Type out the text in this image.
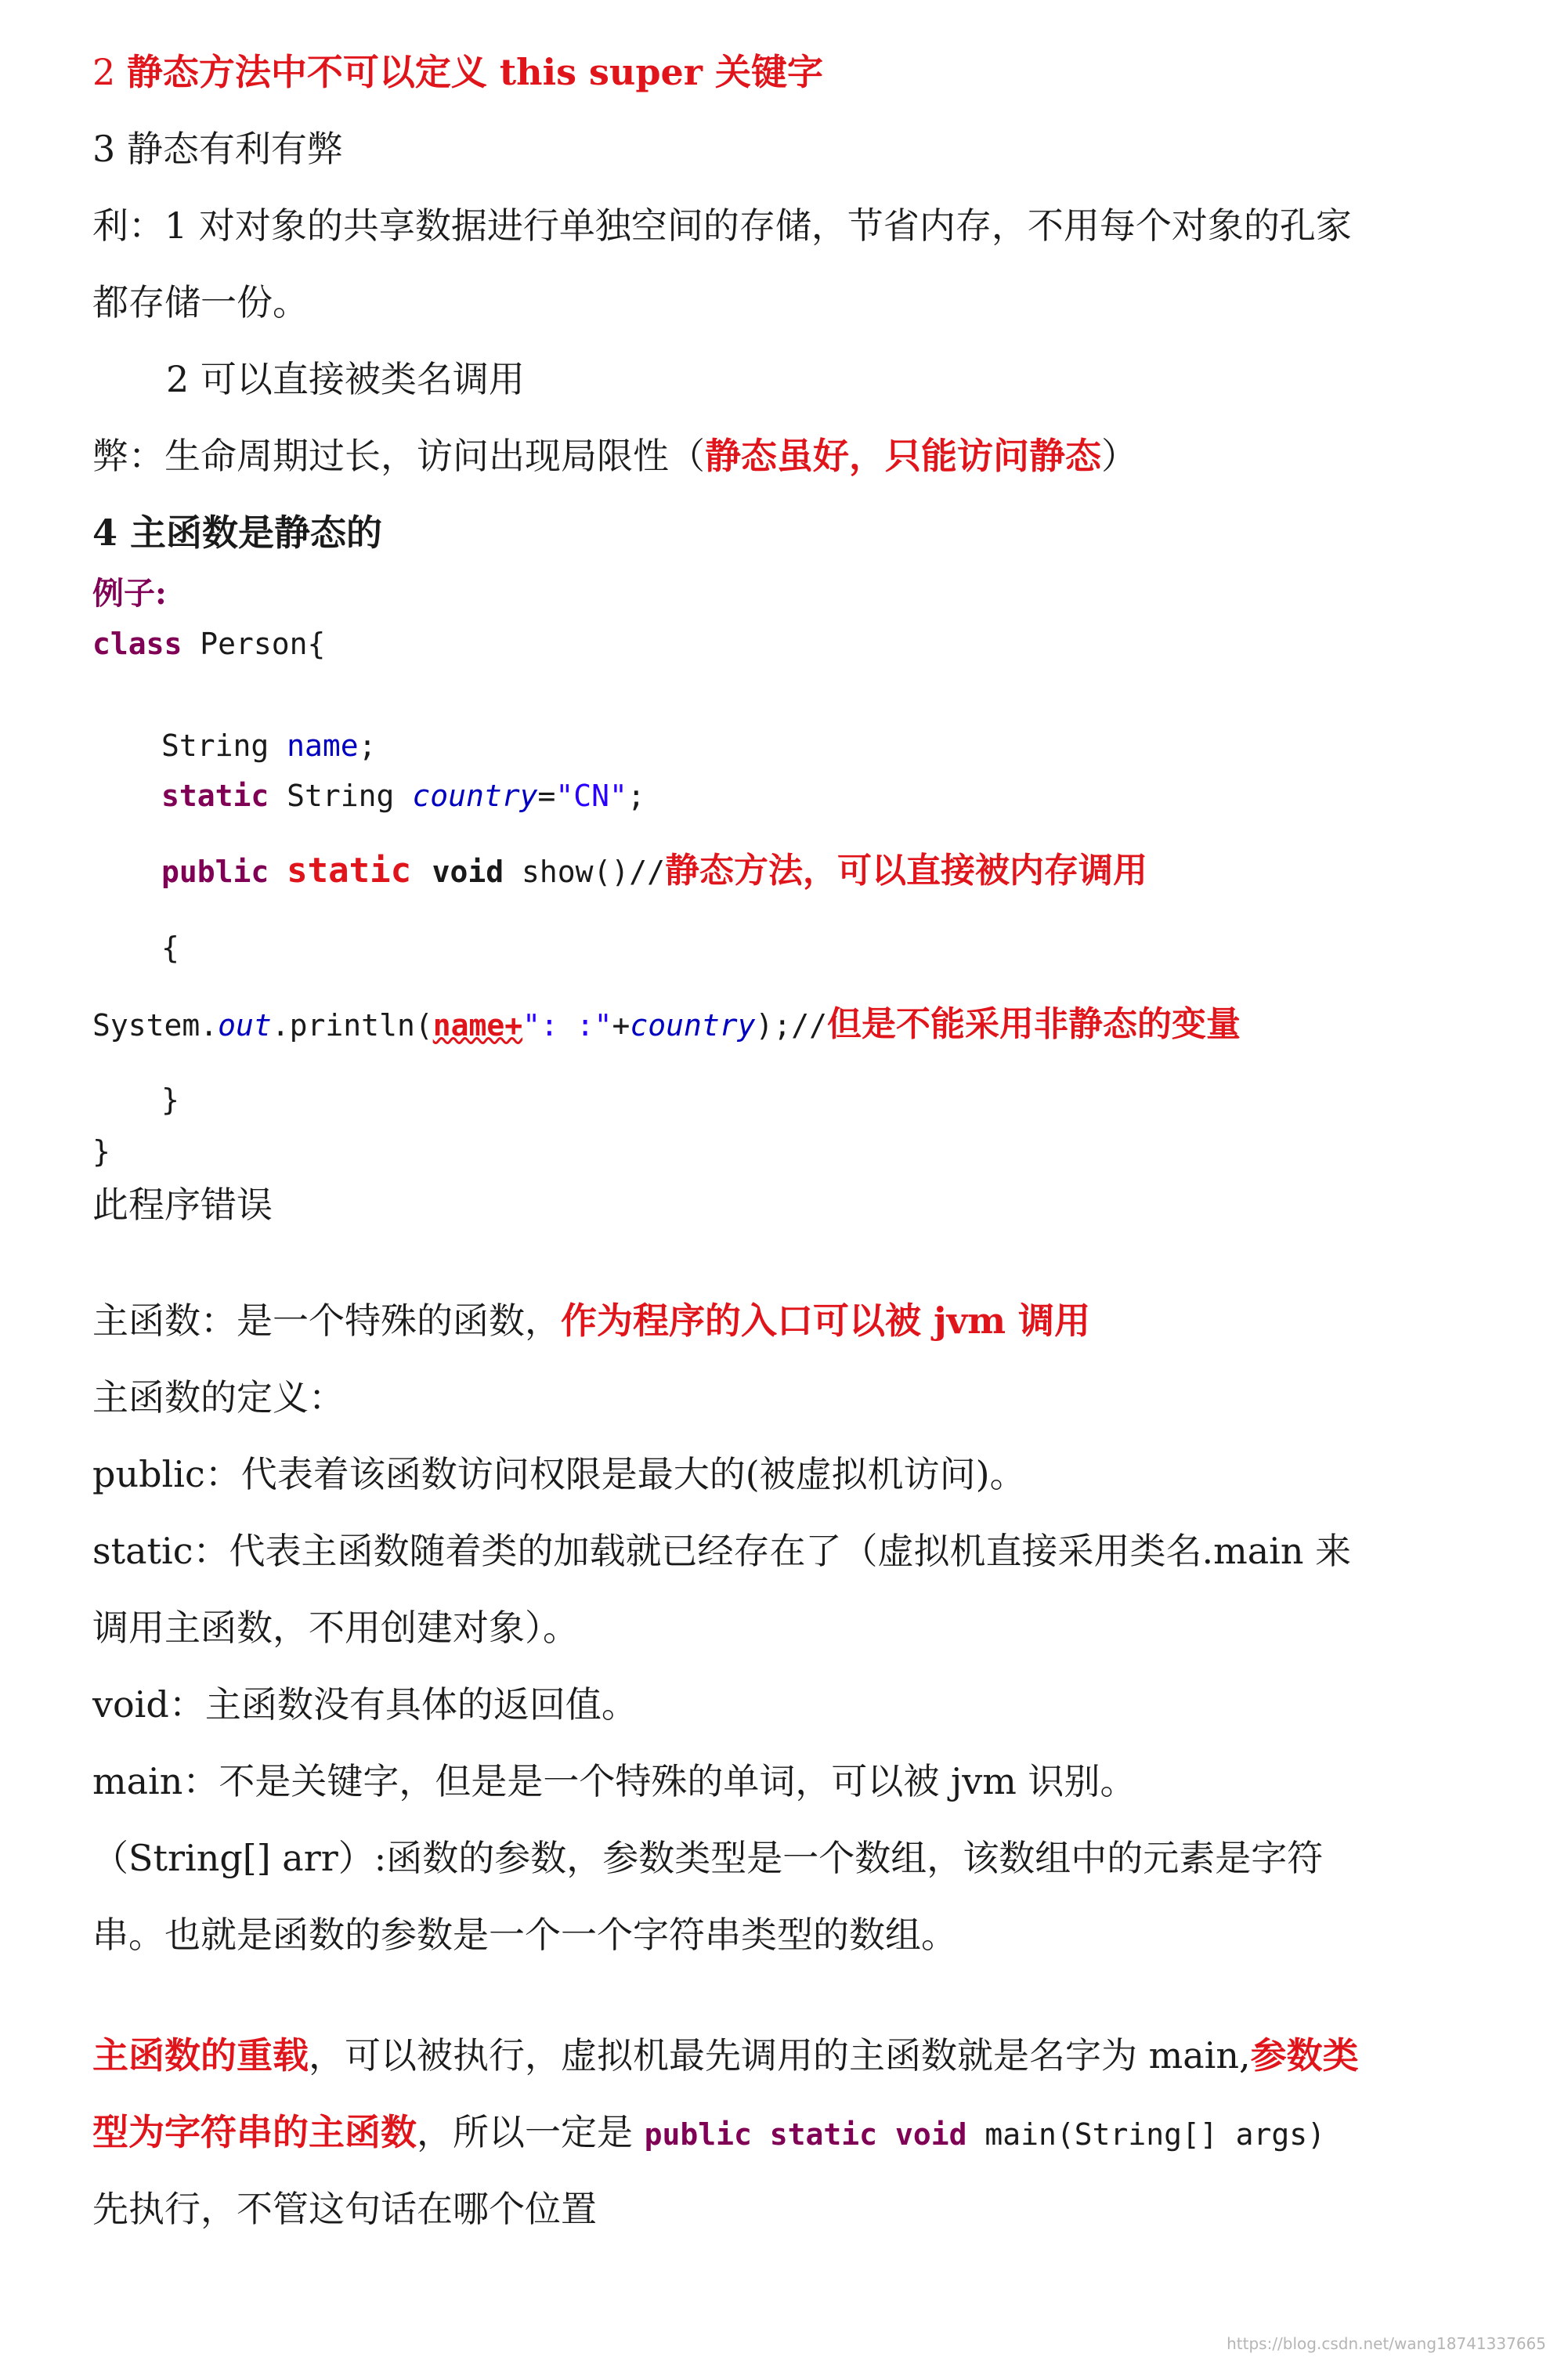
2 静态方法中不可以定义 this super 关键字
3 静态有利有弊
利：1 对对象的共享数据进行单独空间的存储，节省内存，不用每个对象的孔家
都存储一份。
2 可以直接被类名调用
弊：生命周期过长，访问出现局限性（静态虽好，只能访问静态）
4 主函数是静态的
例子:
class Person{
String name;
static String country="CN";
public static void show()//静态方法，可以直接被内存调用
{
System.out.println(name+": :"+country);//但是不能采用非静态的变量
}
}
此程序错误
主函数：是一个特殊的函数，作为程序的入口可以被 jvm 调用
主函数的定义：
public：代表着该函数访问权限是最大的(被虚拟机访问)。
static：代表主函数随着类的加载就已经存在了（虚拟机直接采用类名.main 来
调用主函数，不用创建对象）。
void：主函数没有具体的返回值。
main：不是关键字，但是是一个特殊的单词，可以被 jvm 识别。
（String[] arr）:函数的参数，参数类型是一个数组，该数组中的元素是字符
串。也就是函数的参数是一个一个字符串类型的数组。
主函数的重载，可以被执行，虚拟机最先调用的主函数就是名字为 main,参数类
型为字符串的主函数，所以一定是 public static void main(String[] args)
先执行，不管这句话在哪个位置
https://blog.csdn.net/wang18741337665
